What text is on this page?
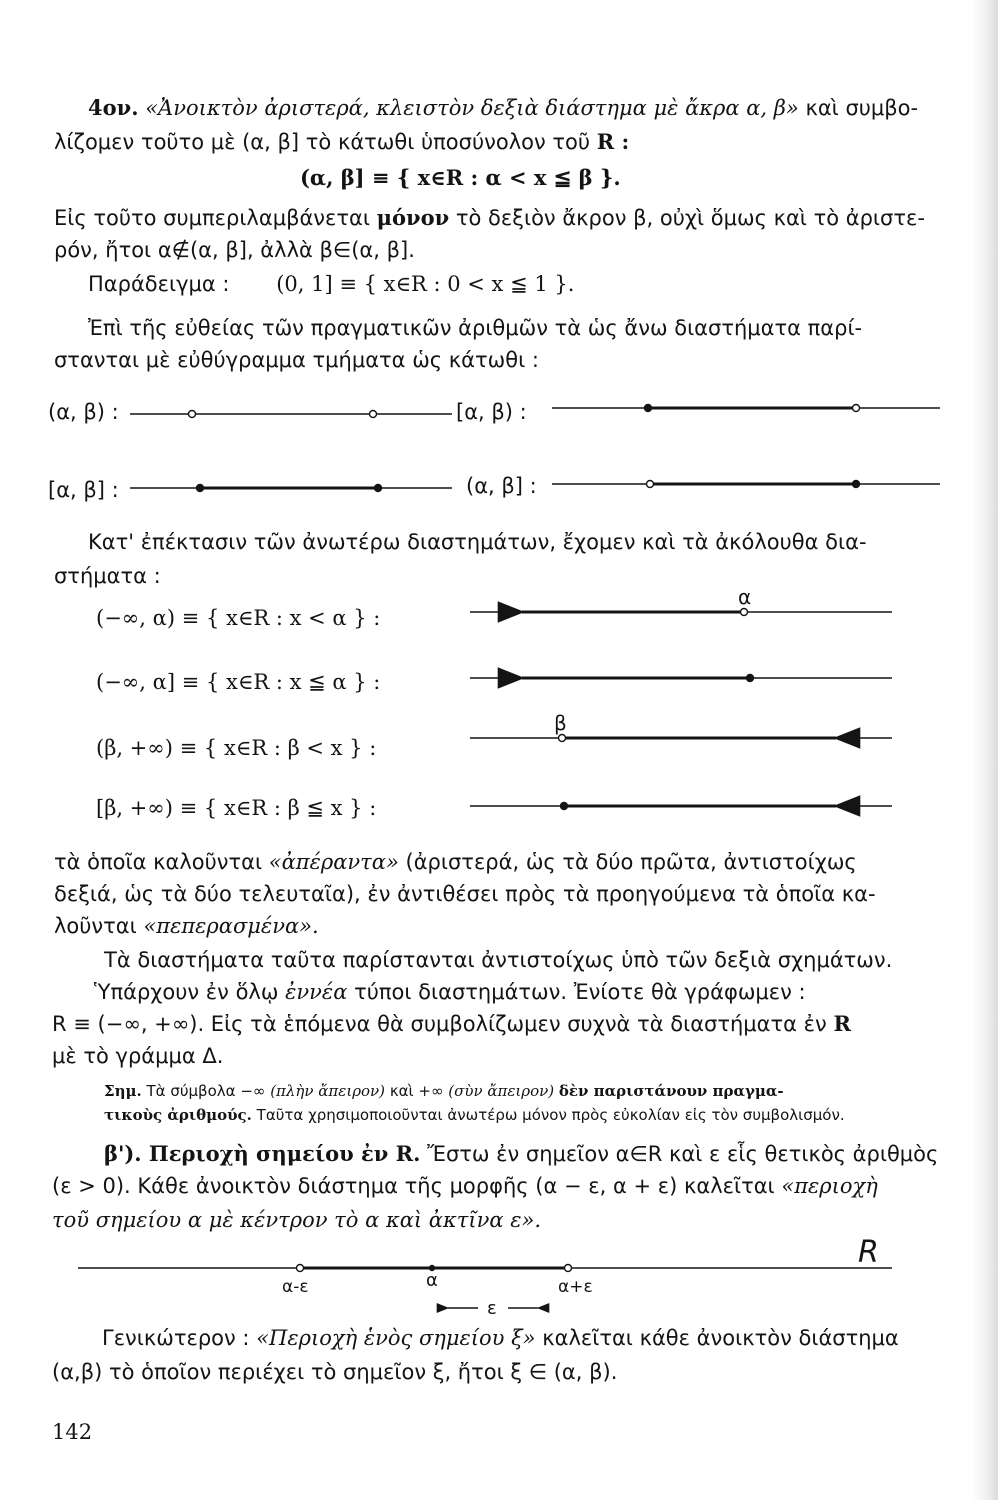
4ον. «Ἀνοικτὸν ἀριστερά, κλειστὸν δεξιὰ διάστημα μὲ ἄκρα α, β» καὶ συμβο-
λίζομεν τοῦτο μὲ (α, β] τὸ κάτωθι ὑποσύνολον τοῦ R :
(α, β] ≡ { x∈R : α < x ≦ β }.
Εἰς τοῦτο συμπεριλαμβάνεται μόνον τὸ δεξιὸν ἄκρον β, οὐχὶ ὅμως καὶ τὸ ἀριστε-
ρόν, ἤτοι α∉(α, β], ἀλλὰ β∈(α, β].
Παράδειγμα : (0, 1] ≡ { x∈R : 0 < x ≦ 1 }.
Ἐπὶ τῆς εὐθείας τῶν πραγματικῶν ἀριθμῶν τὰ ὡς ἄνω διαστήματα παρί-
στανται μὲ εὐθύγραμμα τμήματα ὡς κάτωθι :
(α, β) :	[α, β) :
[α, β] :	(α, β] :
Κατ' ἐπέκτασιν τῶν ἀνωτέρω διαστημάτων, ἔχομεν καὶ τὰ ἀκόλουθα δια-
στήματα :
(−∞, α) ≡ { x∈R : x < α } :
(−∞, α] ≡ { x∈R : x ≦ α } :
(β, +∞) ≡ { x∈R : β < x } :
[β, +∞) ≡ { x∈R : β ≦ x } :
τὰ ὁποῖα καλοῦνται «ἀπέραντα» (ἀριστερά, ὡς τὰ δύο πρῶτα, ἀντιστοίχως
δεξιά, ὡς τὰ δύο τελευταῖα), ἐν ἀντιθέσει πρὸς τὰ προηγούμενα τὰ ὁποῖα κα-
λοῦνται «πεπερασμένα».
Τὰ διαστήματα ταῦτα παρίστανται ἀντιστοίχως ὑπὸ τῶν δεξιὰ σχημάτων.
Ὑπάρχουν ἐν ὅλῳ ἐννέα τύποι διαστημάτων. Ἐνίοτε θὰ γράφωμεν :
R ≡ (−∞, +∞). Εἰς τὰ ἑπόμενα θὰ συμβολίζωμεν συχνὰ τὰ διαστήματα ἐν R
μὲ τὸ γράμμα Δ.
Σημ. Τὰ σύμβολα −∞ (πλὴν ἄπειρον) καὶ +∞ (σὺν ἄπειρον) δὲν παριστάνουν πραγμα-
τικοὺς ἀριθμούς. Ταῦτα χρησιμοποιοῦνται ἀνωτέρω μόνον πρὸς εὐκολίαν εἰς τὸν συμβολισμόν.
β'). Περιοχὴ σημείου ἐν R. Ἔστω ἐν σημεῖον α∈R καὶ ε εἷς θετικὸς ἀριθμὸς
(ε > 0). Κάθε ἀνοικτὸν διάστημα τῆς μορφῆς (α − ε, α + ε) καλεῖται «περιοχὴ
τοῦ σημείου α μὲ κέντρον τὸ α καὶ ἀκτῖνα ε».
Γενικώτερον : «Περιοχὴ ἑνὸς σημείου ξ» καλεῖται κάθε ἀνοικτὸν διάστημα
(α,β) τὸ ὁποῖον περιέχει τὸ σημεῖον ξ, ἤτοι ξ ∈ (α, β).
142
α
β
R
α-ε	α	α+ε
ε
